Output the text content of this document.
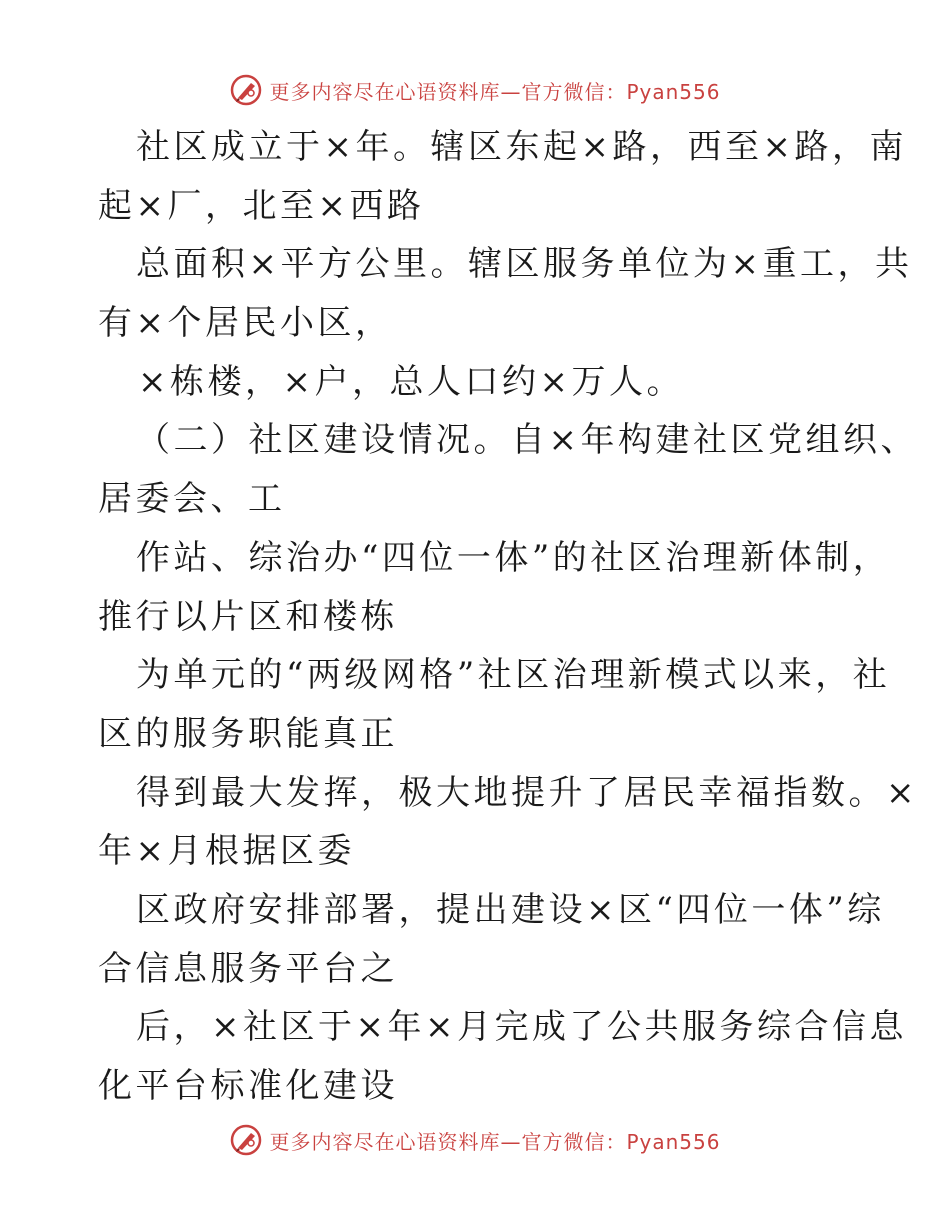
更多内容尽在心语资料库—官方微信：Pyan556
社区成立于×年。辖区东起×路，西至×路，南
起×厂，北至×西路
总面积×平方公里。辖区服务单位为×重工，共
有×个居民小区，
×栋楼，×户，总人口约×万人。
（二）社区建设情况。自×年构建社区党组织、
居委会、工
作站、综治办“四位一体”的社区治理新体制，
推行以片区和楼栋
为单元的“两级网格”社区治理新模式以来，社
区的服务职能真正
得到最大发挥，极大地提升了居民幸福指数。×
年×月根据区委
区政府安排部署，提出建设×区“四位一体”综
合信息服务平台之
后，×社区于×年×月完成了公共服务综合信息
化平台标准化建设
更多内容尽在心语资料库—官方微信：Pyan556
